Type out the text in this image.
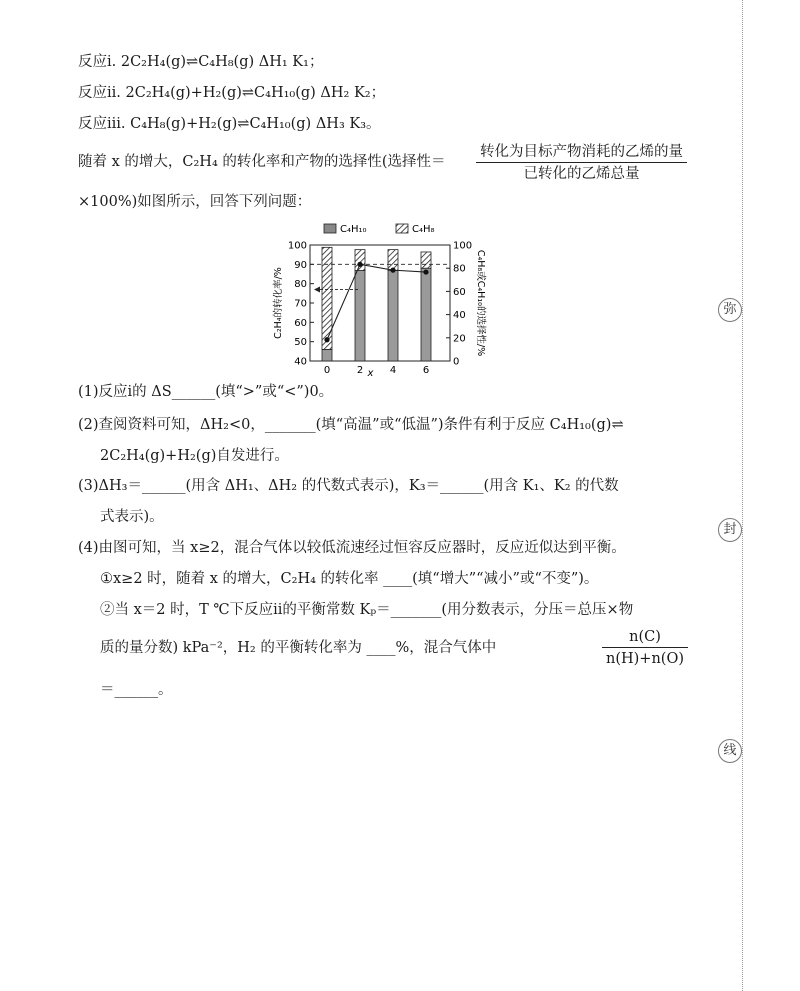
弥
封
线
反应ⅰ. 2C₂H₄(g)⇌C₄H₈(g) ΔH₁ K₁；
反应ⅱ. 2C₂H₄(g)+H₂(g)⇌C₄H₁₀(g) ΔH₂ K₂；
反应ⅲ. C₄H₈(g)+H₂(g)⇌C₄H₁₀(g) ΔH₃ K₃。
随着 x 的增大，C₂H₄ 的转化率和产物的选择性(选择性＝
转化为目标产物消耗的乙烯的量
已转化的乙烯总量
×100%)如图所示，回答下列问题：
C₄H₁₀	C₄H₈
100
90
80
70
60
50
40
100
80
60
40
20
0
0	2	4	6
x
C₂H₄的转化率/%	C₄H₈或C₄H₁₀的选择性/%
(1)反应ⅰ的 ΔS______(填“>”或“<”)0。
(2)查阅资料可知，ΔH₂<0，_______(填“高温”或“低温”)条件有利于反应 C₄H₁₀(g)⇌
2C₂H₄(g)+H₂(g)自发进行。
(3)ΔH₃＝______(用含 ΔH₁、ΔH₂ 的代数式表示)，K₃＝______(用含 K₁、K₂ 的代数
式表示)。
(4)由图可知，当 x≥2，混合气体以较低流速经过恒容反应器时，反应近似达到平衡。
①x≥2 时，随着 x 的增大，C₂H₄ 的转化率 ____(填“增大”“减小”或“不变”)。
②当 x＝2 时，T ℃下反应ⅱ的平衡常数 Kₚ＝_______(用分数表示，分压＝总压×物
质的量分数) kPa⁻²，H₂ 的平衡转化率为 ____%，混合气体中	$\frac{n(C)}{n(H)+n(O)}$
＝______。
